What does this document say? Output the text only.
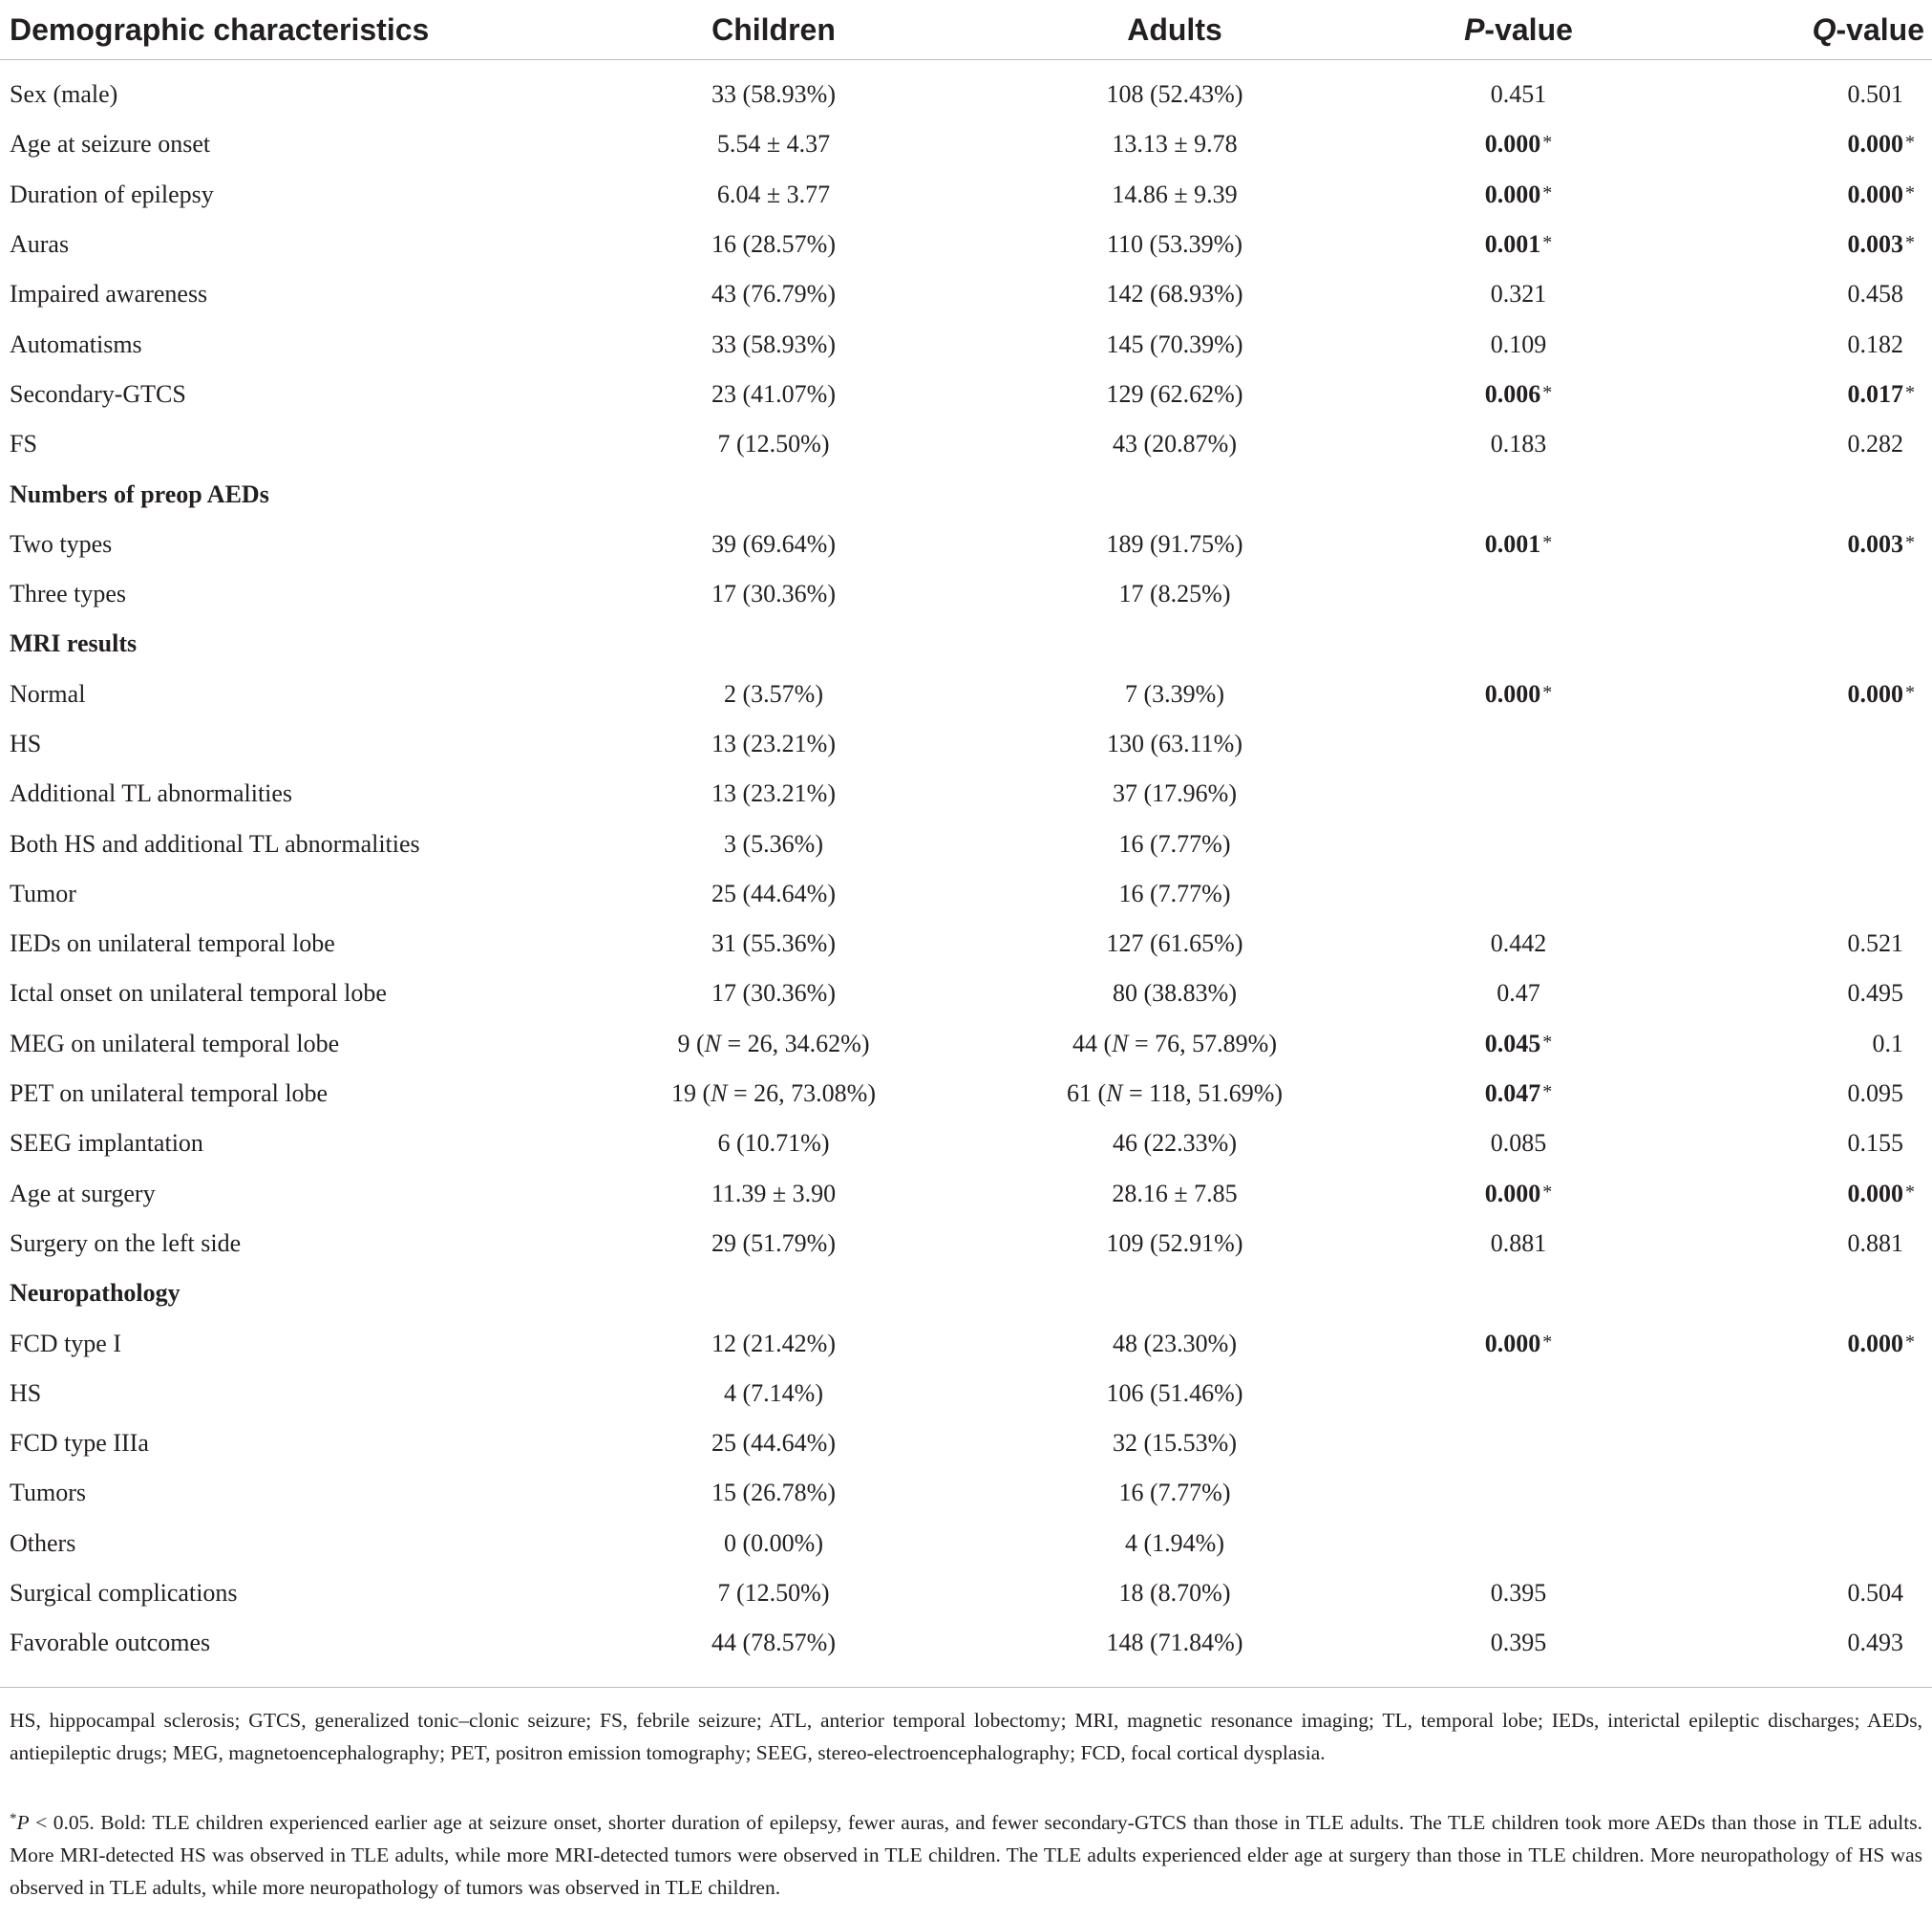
Demographic characteristics	Children	Adults	P-value	Q-value
Sex (male)	33 (58.93%)	108 (52.43%)	0.451	0.501
Age at seizure onset	5.54 ± 4.37	13.13 ± 9.78	0.000 *	0.000 *
Duration of epilepsy	6.04 ± 3.77	14.86 ± 9.39	0.000 *	0.000 *
Auras	16 (28.57%)	110 (53.39%)	0.001 *	0.003 *
Impaired awareness	43 (76.79%)	142 (68.93%)	0.321	0.458
Automatisms	33 (58.93%)	145 (70.39%)	0.109	0.182
Secondary-GTCS	23 (41.07%)	129 (62.62%)	0.006 *	0.017 *
FS	7 (12.50%)	43 (20.87%)	0.183	0.282
Numbers of preop AEDs				
Two types	39 (69.64%)	189 (91.75%)	0.001 *	0.003 *
Three types	17 (30.36%)	17 (8.25%)		
MRI results				
Normal	2 (3.57%)	7 (3.39%)	0.000 *	0.000 *
HS	13 (23.21%)	130 (63.11%)		
Additional TL abnormalities	13 (23.21%)	37 (17.96%)		
Both HS and additional TL abnormalities	3 (5.36%)	16 (7.77%)		
Tumor	25 (44.64%)	16 (7.77%)		
IEDs on unilateral temporal lobe	31 (55.36%)	127 (61.65%)	0.442	0.521
Ictal onset on unilateral temporal lobe	17 (30.36%)	80 (38.83%)	0.47	0.495
MEG on unilateral temporal lobe	9 (N = 26, 34.62%)	44 (N = 76, 57.89%)	0.045 *	0.1
PET on unilateral temporal lobe	19 (N = 26, 73.08%)	61 (N = 118, 51.69%)	0.047 *	0.095
SEEG implantation	6 (10.71%)	46 (22.33%)	0.085	0.155
Age at surgery	11.39 ± 3.90	28.16 ± 7.85	0.000 *	0.000 *
Surgery on the left side	29 (51.79%)	109 (52.91%)	0.881	0.881
Neuropathology				
FCD type I	12 (21.42%)	48 (23.30%)	0.000 *	0.000 *
HS	4 (7.14%)	106 (51.46%)		
FCD type IIIa	25 (44.64%)	32 (15.53%)		
Tumors	15 (26.78%)	16 (7.77%)		
Others	0 (0.00%)	4 (1.94%)		
Surgical complications	7 (12.50%)	18 (8.70%)	0.395	0.504
Favorable outcomes	44 (78.57%)	148 (71.84%)	0.395	0.493
HS, hippocampal sclerosis; GTCS, generalized tonic–clonic seizure; FS, febrile seizure; ATL, anterior temporal lobectomy; MRI, magnetic resonance imaging; TL, temporal lobe; IEDs, interictal epileptic discharges; AEDs, antiepileptic drugs; MEG, magnetoencephalography; PET, positron emission tomography; SEEG, stereo-electroencephalography; FCD, focal cortical dysplasia.
*P < 0.05. Bold: TLE children experienced earlier age at seizure onset, shorter duration of epilepsy, fewer auras, and fewer secondary-GTCS than those in TLE adults. The TLE children took more AEDs than those in TLE adults. More MRI-detected HS was observed in TLE adults, while more MRI-detected tumors were observed in TLE children. The TLE adults experienced elder age at surgery than those in TLE children. More neuropathology of HS was observed in TLE adults, while more neuropathology of tumors was observed in TLE children.
